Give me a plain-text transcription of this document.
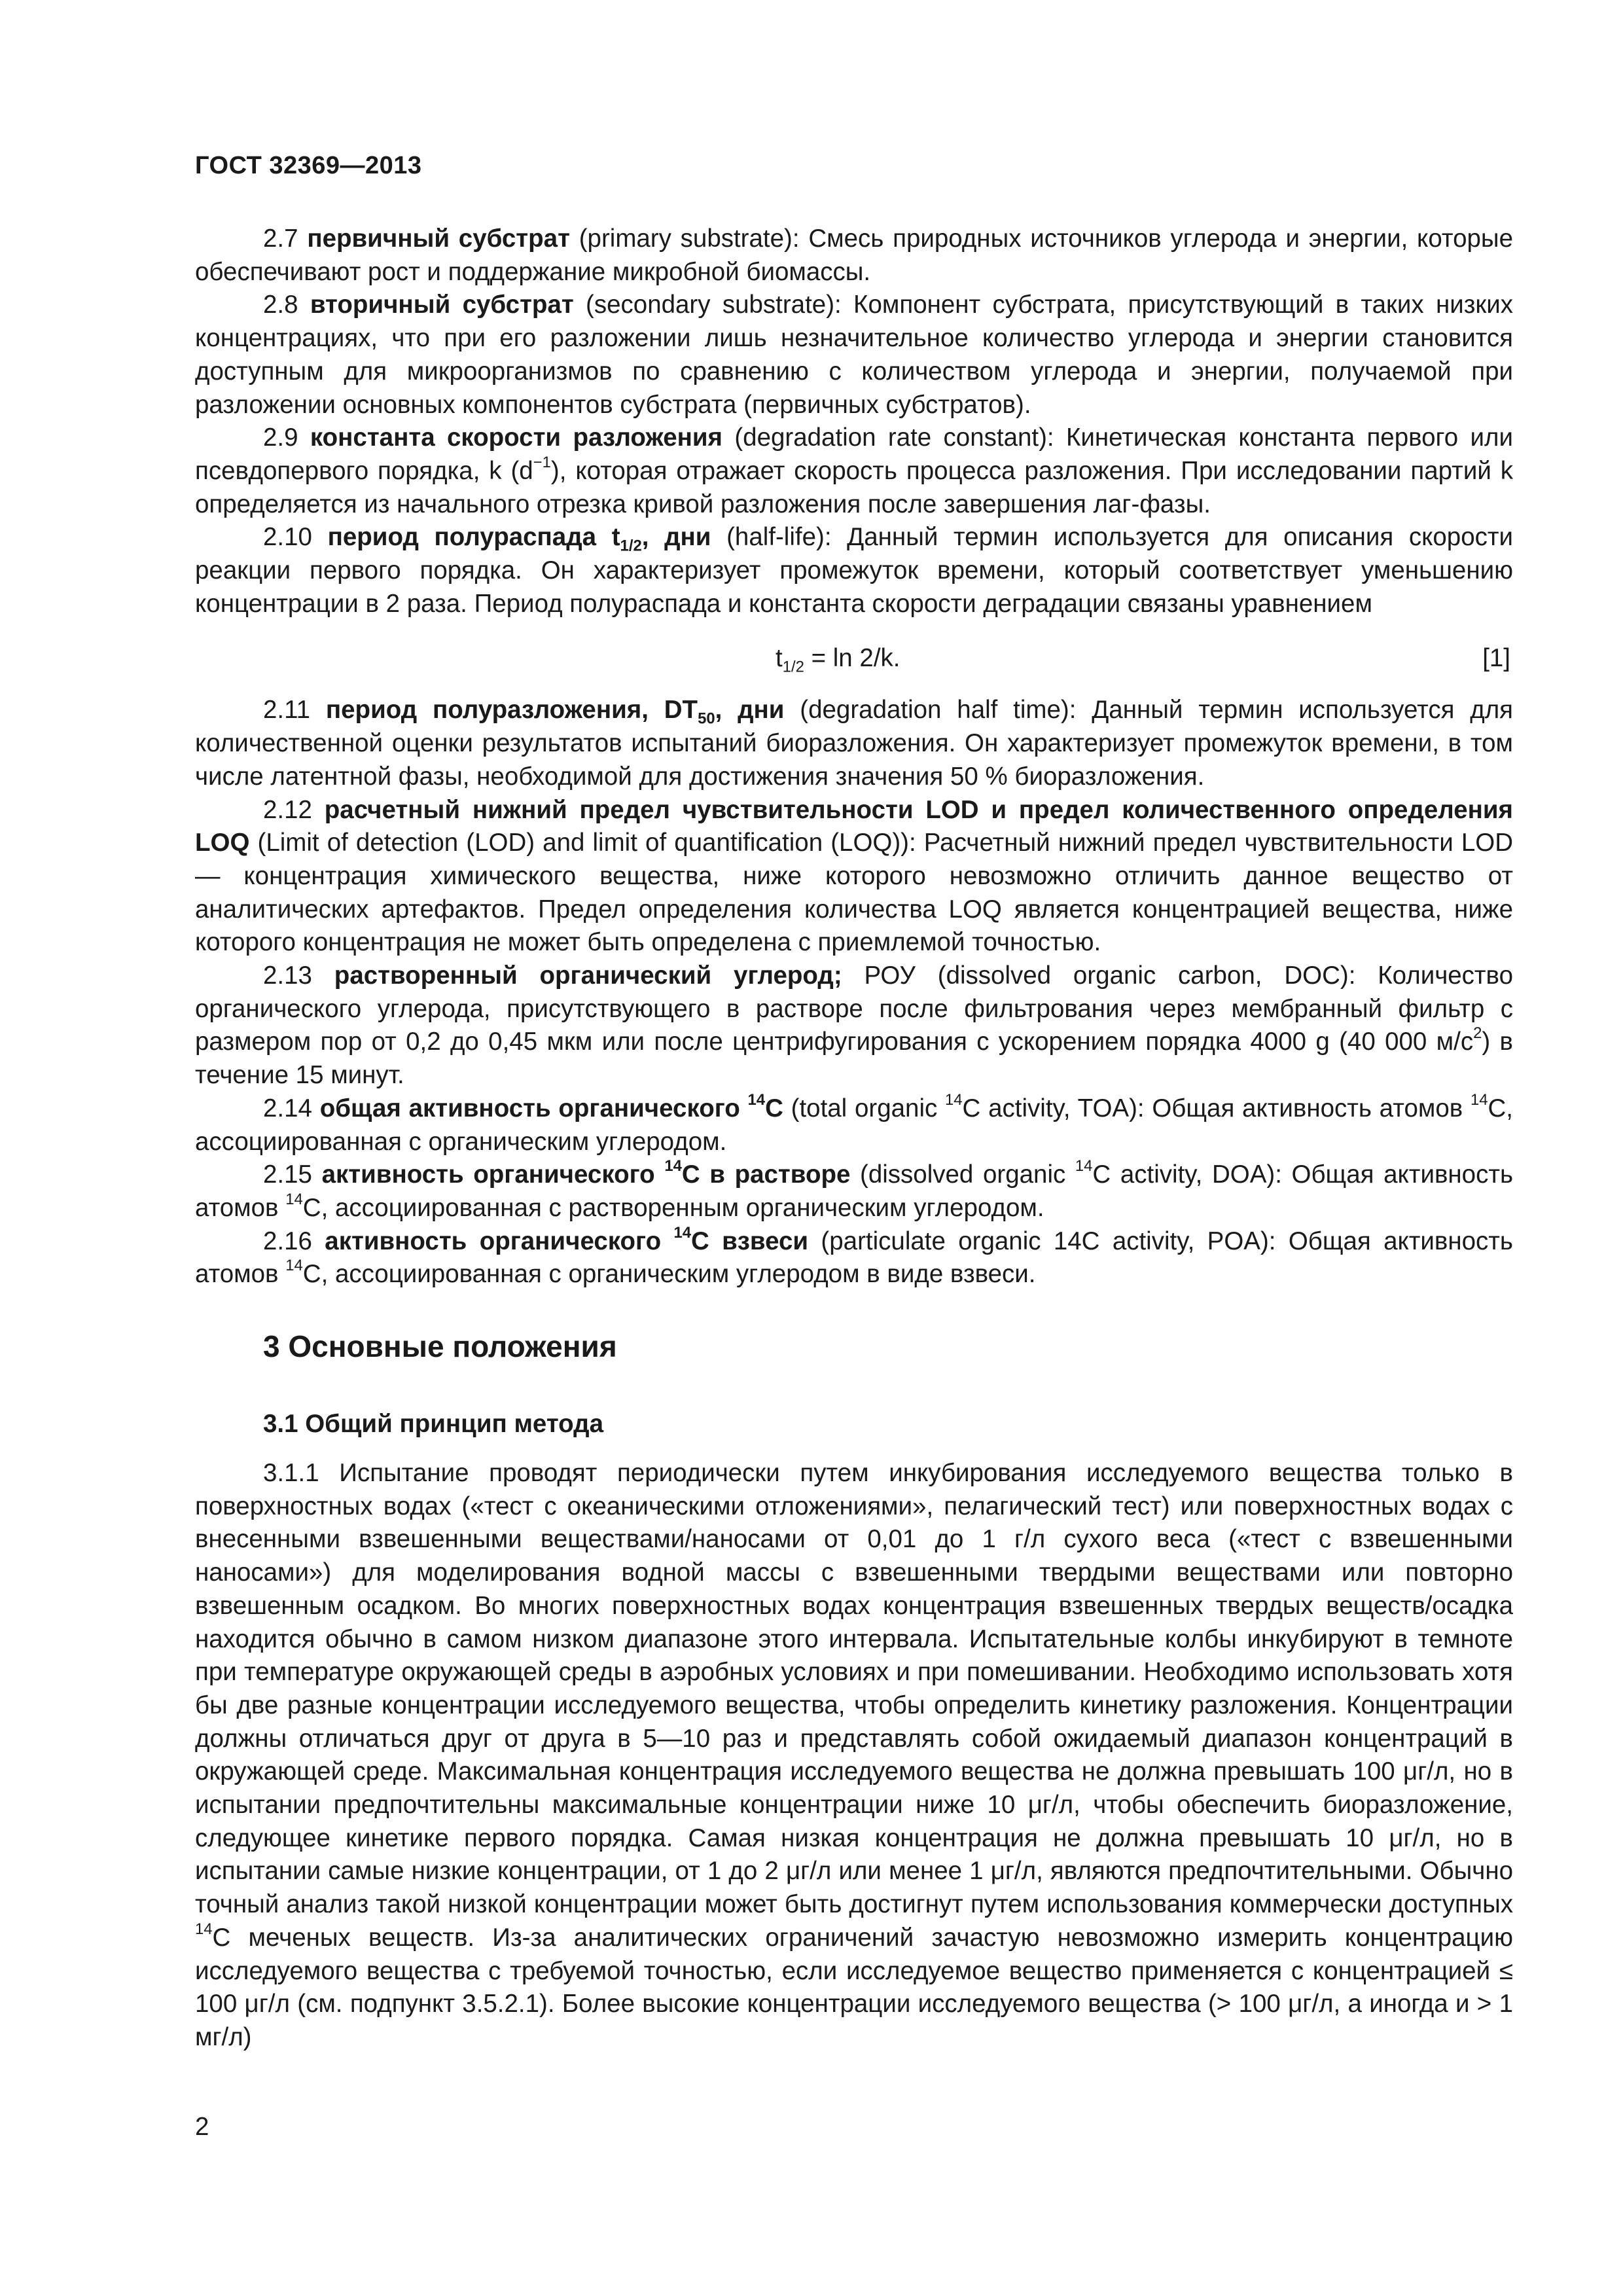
ГОСТ 32369—2013

2.7 первичный субстрат (primary substrate): Смесь природных источников углерода и энергии, которые обеспечивают рост и поддержание микробной биомассы.

2.8 вторичный субстрат (secondary substrate): Компонент субстрата, присутствующий в таких низких концентрациях, что при его разложении лишь незначительное количество углерода и энергии становится доступным для микроорганизмов по сравнению с количеством углерода и энергии, получаемой при разложении основных компонентов субстрата (первичных субстратов).

2.9 константа скорости разложения (degradation rate constant): Кинетическая константа первого или псевдопервого порядка, k $(d^{-1})$, которая отражает скорость процесса разложения. При исследовании партий k определяется из начального отрезка кривой разложения после завершения лаг-фазы.

2.10 период полураспада $t_{1/2}$, дни (half-life): Данный термин используется для описания скорости реакции первого порядка. Он характеризует промежуток времени, который соответствует уменьшению концентрации в 2 раза. Период полураспада и константа скорости деградации связаны уравнением

$t_{1/2} = \ln 2/k$.	[1]

2.11 период полуразложения, $DT_{50}$, дни (degradation half time): Данный термин используется для количественной оценки результатов испытаний биоразложения. Он характеризует промежуток времени, в том числе латентной фазы, необходимой для достижения значения 50 % биоразложения.

2.12 расчетный нижний предел чувствительности LOD и предел количественного определения LOQ (Limit of detection (LOD) and limit of quantification (LOQ)): Расчетный нижний предел чувствительности LOD — концентрация химического вещества, ниже которого невозможно отличить данное вещество от аналитических артефактов. Предел определения количества LOQ является концентрацией вещества, ниже которого концентрация не может быть определена с приемлемой точностью.

2.13 растворенный органический углерод; РОУ (dissolved organic carbon, DOC): Количество органического углерода, присутствующего в растворе после фильтрования через мембранный фильтр с размером пор от 0,2 до 0,45 мкм или после центрифугирования с ускорением порядка 4000 g (40 000 $м/с^2$) в течение 15 минут.

2.14 общая активность органического $^{14}$С (total organic $^{14}$C activity, TOA): Общая активность атомов $^{14}$С, ассоциированная с органическим углеродом.

2.15 активность органического $^{14}$С в растворе (dissolved organic $^{14}$C activity, DOA): Общая активность атомов $^{14}$С, ассоциированная с растворенным органическим углеродом.

2.16 активность органического $^{14}$С взвеси (particulate organic 14C activity, POA): Общая активность атомов $^{14}$С, ассоциированная с органическим углеродом в виде взвеси.

3 Основные положения
3.1 Общий принцип метода

3.1.1 Испытание проводят периодически путем инкубирования исследуемого вещества только в поверхностных водах («тест с океаническими отложениями», пелагический тест) или поверхностных водах с внесенными взвешенными веществами/наносами от 0,01 до 1 г/л сухого веса («тест с взвешенными наносами») для моделирования водной массы с взвешенными твердыми веществами или повторно взвешенным осадком. Во многих поверхностных водах концентрация взвешенных твердых веществ/осадка находится обычно в самом низком диапазоне этого интервала. Испытательные колбы инкубируют в темноте при температуре окружающей среды в аэробных условиях и при помешивании. Необходимо использовать хотя бы две разные концентрации исследуемого вещества, чтобы определить кинетику разложения. Концентрации должны отличаться друг от друга в 5—10 раз и представлять собой ожидаемый диапазон концентраций в окружающей среде. Максимальная концентрация исследуемого вещества не должна превышать 100 μг/л, но в испытании предпочтительны максимальные концентрации ниже 10 μг/л, чтобы обеспечить биоразложение, следующее кинетике первого порядка. Самая низкая концентрация не должна превышать 10 μг/л, но в испытании самые низкие концентрации, от 1 до 2 μг/л или менее 1 μг/л, являются предпочтительными. Обычно точный анализ такой низкой концентрации может быть достигнут путем использования коммерчески доступных $^{14}$С меченых веществ. Из-за аналитических ограничений зачастую невозможно измерить концентрацию исследуемого вещества с требуемой точностью, если исследуемое вещество применяется с концентрацией ≤ 100 μг/л (см. подпункт 3.5.2.1). Более высокие концентрации исследуемого вещества (> 100 μг/л, а иногда и > 1 мг/л)

2
